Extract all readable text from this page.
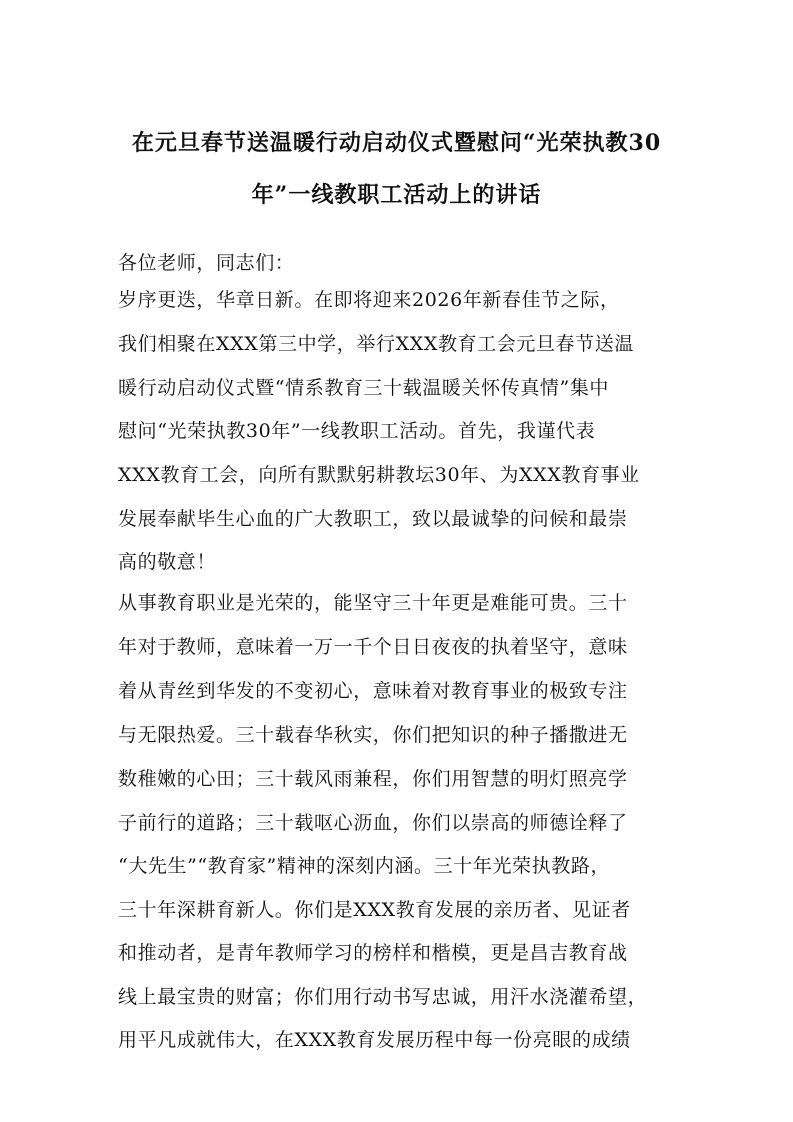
在元旦春节送温暖行动启动仪式暨慰问“光荣执教30
年”一线教职工活动上的讲话
各位老师，同志们：
岁序更迭，华章日新。在即将迎来2026年新春佳节之际，
我们相聚在XXX第三中学，举行XXX教育工会元旦春节送温
暖行动启动仪式暨“情系教育三十载温暖关怀传真情”集中
慰问“光荣执教30年”一线教职工活动。首先，我谨代表
XXX教育工会，向所有默默躬耕教坛30年、为XXX教育事业
发展奉献毕生心血的广大教职工，致以最诚挚的问候和最崇
高的敬意！
从事教育职业是光荣的，能坚守三十年更是难能可贵。三十
年对于教师，意味着一万一千个日日夜夜的执着坚守，意味
着从青丝到华发的不变初心，意味着对教育事业的极致专注
与无限热爱。三十载春华秋实，你们把知识的种子播撒进无
数稚嫩的心田；三十载风雨兼程，你们用智慧的明灯照亮学
子前行的道路；三十载呕心沥血，你们以崇高的师德诠释了
“大先生”“教育家”精神的深刻内涵。三十年光荣执教路，
三十年深耕育新人。你们是XXX教育发展的亲历者、见证者
和推动者，是青年教师学习的榜样和楷模，更是昌吉教育战
线上最宝贵的财富；你们用行动书写忠诚，用汗水浇灌希望，
用平凡成就伟大，在XXX教育发展历程中每一份亮眼的成绩
